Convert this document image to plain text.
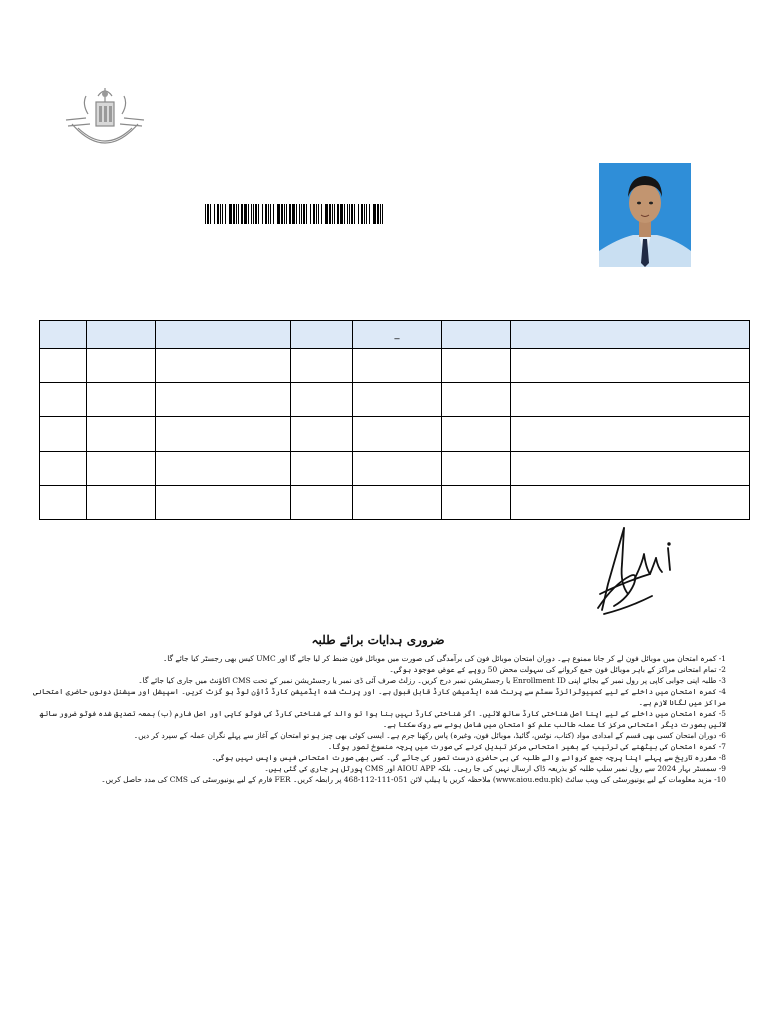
				_		

ضروری ہدایات برائے طلبہ
1- کمرہ امتحان میں موبائل فون لے کر جانا ممنوع ہے۔ دوران امتحان موبائل فون کی برآمدگی کی صورت میں موبائل فون ضبط کر لیا جائے گا اور UMC کیس بھی رجسٹر کیا جائے گا۔
2- تمام امتحانی مراکز کے باہر موبائل فون جمع کروانے کی سہولت محض 50 روپے کے عوض موجود ہوگی۔
3- طلبہ اپنی جوابی کاپی پر رول نمبر کے بجائے اپنی Enrollment ID یا رجسٹریشن نمبر درج کریں۔ رزلٹ صرف آئی ڈی نمبر یا رجسٹریشن نمبر کے تحت CMS اکاؤنٹ میں جاری کیا جائے گا۔
4- کمرہ امتحان میں داخلے کے لیے کمپیوٹرائزڈ سسٹم سے پرنٹ شدہ ایڈمیشن کارڈ قابل قبول ہے۔ اور پرنٹ شدہ ایڈمیشن کارڈ ڈاؤن لوڈ ہو گزٹ کریں۔ اسپیشل اور سیشنل دونوں حاضری امتحانی مراکز میں لگانا لازم ہے۔
5- کمرہ امتحان میں داخلے کے لیے اپنا اصل شناختی کارڈ ساتھ لائیں۔ اگر شناختی کارڈ نہیں بنا ہوا تو والد کے شناختی کارڈ کی فوٹو کاپی اور اصل فارم (ب) بمعہ تصدیق شدہ فوٹو ضرور ساتھ لائیں بصورت دیگر امتحانی مرکز کا عملہ طالب علم کو امتحان میں شامل ہونے سے روک سکتا ہے۔
6- دوران امتحان کسی بھی قسم کے امدادی مواد (کتاب، نوٹس، گائیڈ، موبائل فون، وغیرہ) پاس رکھنا جرم ہے۔ ایسی کوئی بھی چیز ہو تو امتحان کے آغاز سے پہلے نگران عملہ کے سپرد کر دیں۔
7- کمرہ امتحان کی بیٹھنے کی ترتیب کے بغیر امتحانی مرکز تبدیل کرنے کی صورت میں پرچہ منسوخ تصور ہوگا۔
8- مقررہ تاریخ سے پہلے اپنا پرچہ جمع کروانے والے طلبہ کی ہی حاضری درست تصور کی جائے گی۔ کسی بھی صورت امتحانی فیس واپس نہیں ہوگی۔
9- سمسٹر بہار 2024 سے رول نمبر سلپ طلبہ کو بذریعہ ڈاک ارسال نہیں کی جا رہی۔ بلکہ AIOU APP اور CMS پورٹل پر جاری کی گئی ہیں۔
10- مزید معلومات کے لیے یونیورسٹی کی ویب سائٹ (www.aiou.edu.pk) ملاحظہ کریں یا ہیلپ لائن 051-111-112-468 پر رابطہ کریں۔ FER فارم کے لیے یونیورسٹی کی CMS کی مدد حاصل کریں۔
